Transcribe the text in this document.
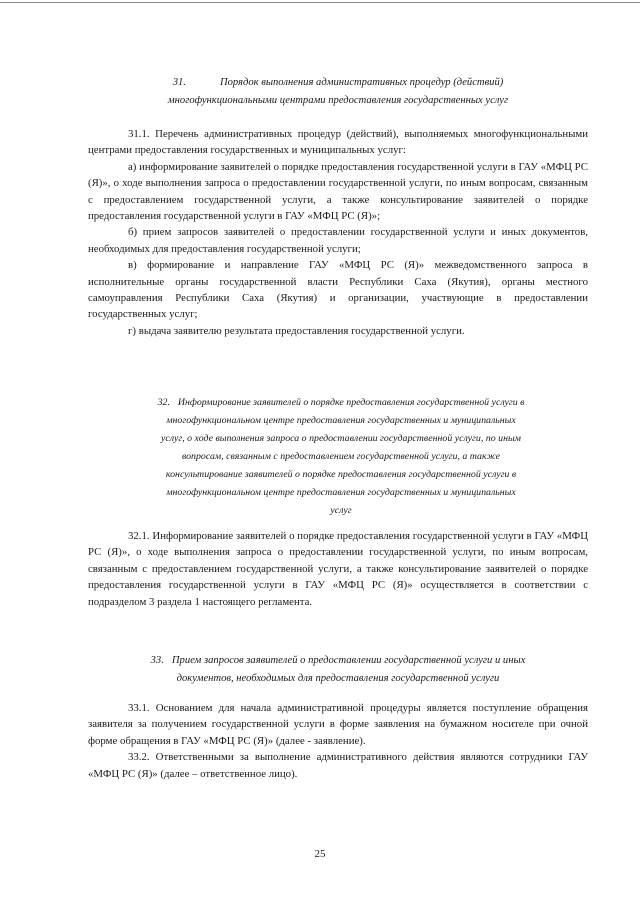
31.	Порядок выполнения административных процедур (действий)

многофункциональными центрами предоставления государственных услуг

31.1. Перечень административных процедур (действий), выполняемых многофункциональными центрами предоставления государственных и муниципальных услуг:

а) информирование заявителей о порядке предоставления государственной услуги в ГАУ «МФЦ РС (Я)», о ходе выполнения запроса о предоставлении государственной услуги, по иным вопросам, связанным с предоставлением государственной услуги, а также консультирование заявителей о порядке предоставления государственной услуги в ГАУ «МФЦ РС (Я)»;

б) прием запросов заявителей о предоставлении государственной услуги и иных документов, необходимых для предоставления государственной услуги;

в) формирование и направление ГАУ «МФЦ РС (Я)» межведомственного запроса в исполнительные органы государственной власти Республики Саха (Якутия), органы местного самоуправления Республики Саха (Якутия) и организации, участвующие в предоставлении государственных услуг;

г) выдача заявителю результата предоставления государственной услуги.

32. Информирование заявителей о порядке предоставления государственной услуги в
многофункциональном центре предоставления государственных и муниципальных
услуг, о ходе выполнения запроса о предоставлении государственной услуги, по иным
вопросам, связанным с предоставлением государственной услуги, а также
консультирование заявителей о порядке предоставления государственной услуги в
многофункциональном центре предоставления государственных и муниципальных
услуг

32.1. Информирование заявителей о порядке предоставления государственной услуги в ГАУ «МФЦ РС (Я)», о ходе выполнения запроса о предоставлении государственной услуги, по иным вопросам, связанным с предоставлением государственной услуги, а также консультирование заявителей о порядке предоставления государственной услуги в ГАУ «МФЦ РС (Я)» осуществляется в соответствии с подразделом 3 раздела 1 настоящего регламента.

33. Прием запросов заявителей о предоставлении государственной услуги и иных
документов, необходимых для предоставления государственной услуги

33.1. Основанием для начала административной процедуры является поступление обращения заявителя за получением государственной услуги в форме заявления на бумажном носителе при очной форме обращения в ГАУ «МФЦ РС (Я)» (далее - заявление).

33.2. Ответственными за выполнение административного действия являются сотрудники ГАУ «МФЦ РС (Я)» (далее – ответственное лицо).

25
